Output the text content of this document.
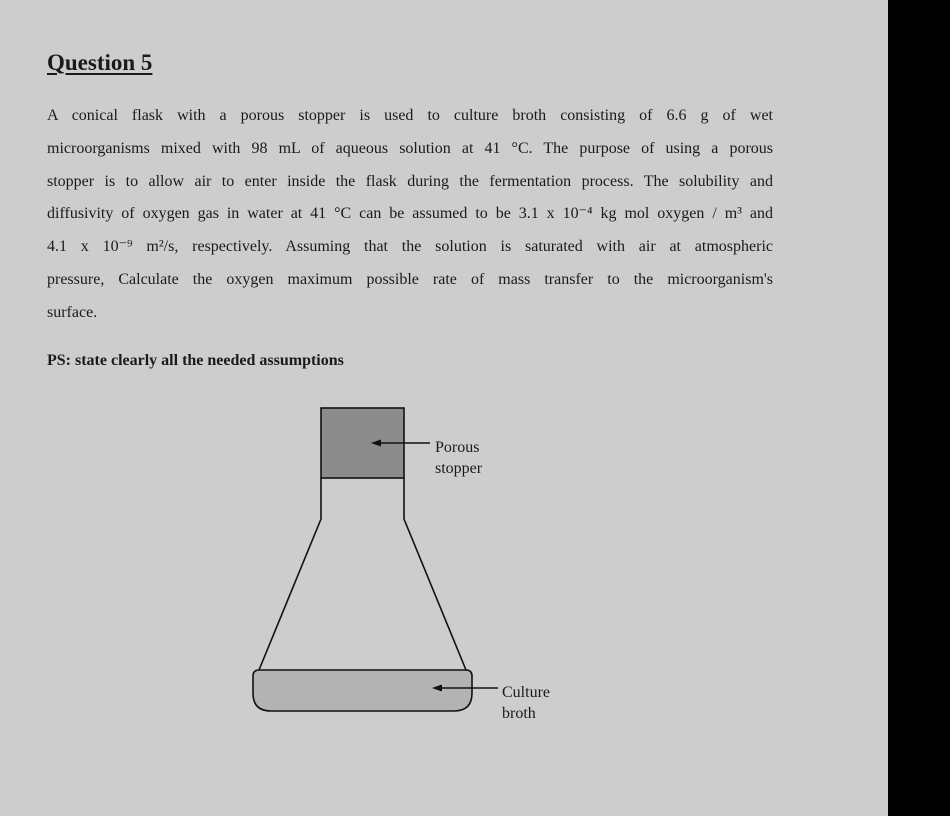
Question 5

A conical flask with a porous stopper is used to culture broth consisting of 6.6 g of wet
microorganisms mixed with 98 mL of aqueous solution at 41 °C. The purpose of using a porous
stopper is to allow air to enter inside the flask during the fermentation process. The solubility and
diffusivity of oxygen gas in water at 41 °C can be assumed to be 3.1 x 10⁻⁴ kg mol oxygen / m³ and
4.1 x 10⁻⁹ m²/s, respectively. Assuming that the solution is saturated with air at atmospheric
pressure, Calculate the oxygen maximum possible rate of mass transfer to the microorganism's
surface.

PS: state clearly all the needed assumptions

Porous
stopper
Culture
broth
